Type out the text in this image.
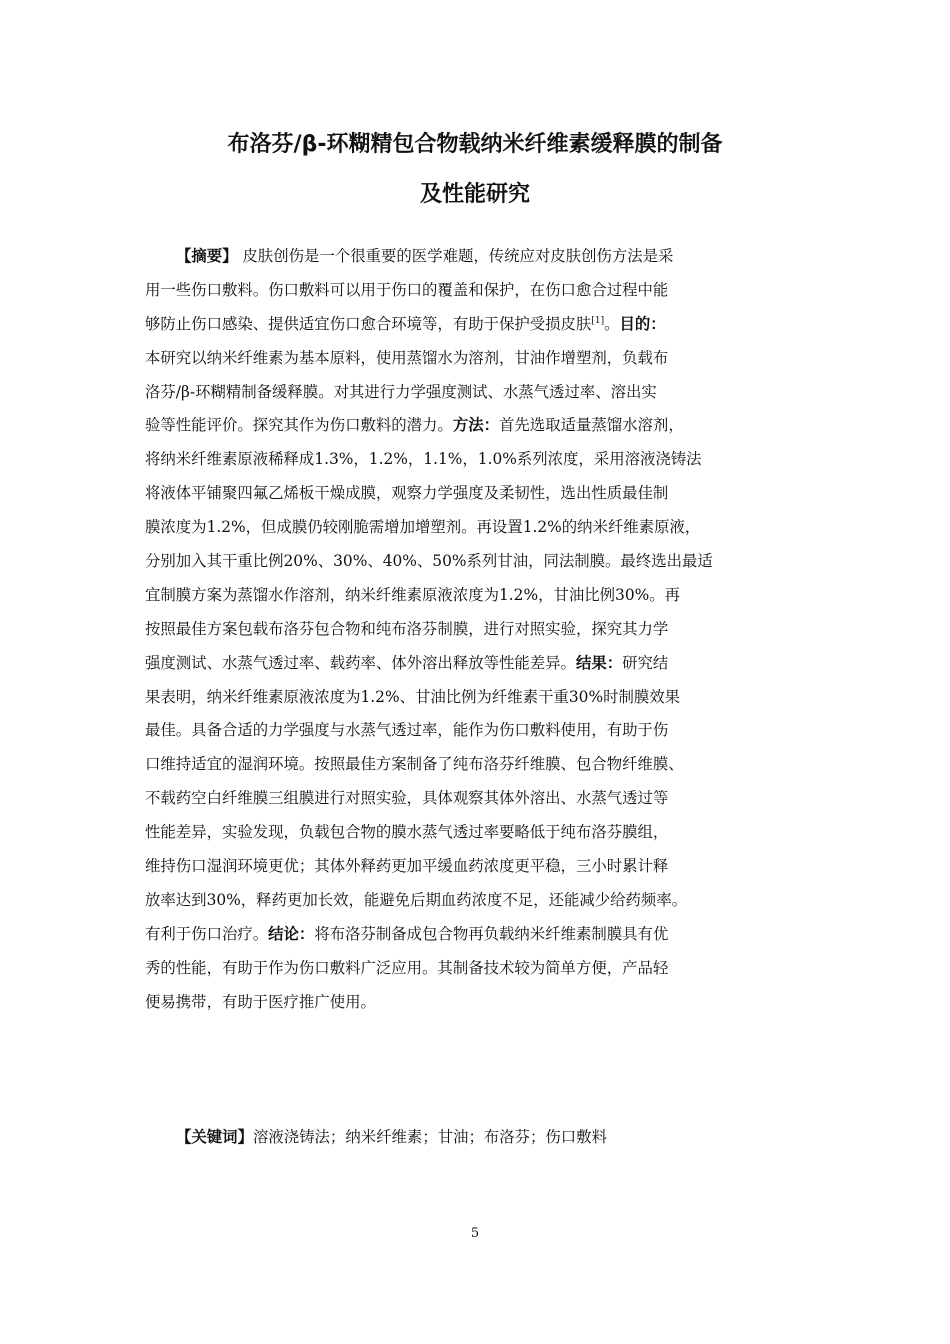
布洛芬/β-环糊精包合物载纳米纤维素缓释膜的制备
及性能研究
【摘要】 皮肤创伤是一个很重要的医学难题，传统应对皮肤创伤方法是采
用一些伤口敷料。伤口敷料可以用于伤口的覆盖和保护，在伤口愈合过程中能
够防止伤口感染、提供适宜伤口愈合环境等，有助于保护受损皮肤[1]。目的：
本研究以纳米纤维素为基本原料，使用蒸馏水为溶剂，甘油作增塑剂，负载布
洛芬/β-环糊精制备缓释膜。对其进行力学强度测试、水蒸气透过率、溶出实
验等性能评价。探究其作为伤口敷料的潜力。方法：首先选取适量蒸馏水溶剂，
将纳米纤维素原液稀释成1.3%，1.2%，1.1%，1.0%系列浓度，采用溶液浇铸法
将液体平铺聚四氟乙烯板干燥成膜，观察力学强度及柔韧性，选出性质最佳制
膜浓度为1.2%，但成膜仍较刚脆需增加增塑剂。再设置1.2%的纳米纤维素原液，
分别加入其干重比例20%、30%、40%、50%系列甘油，同法制膜。最终选出最适
宜制膜方案为蒸馏水作溶剂，纳米纤维素原液浓度为1.2%，甘油比例30%。再
按照最佳方案包载布洛芬包合物和纯布洛芬制膜，进行对照实验，探究其力学
强度测试、水蒸气透过率、载药率、体外溶出释放等性能差异。结果：研究结
果表明，纳米纤维素原液浓度为1.2%、甘油比例为纤维素干重30%时制膜效果
最佳。具备合适的力学强度与水蒸气透过率，能作为伤口敷料使用，有助于伤
口维持适宜的湿润环境。按照最佳方案制备了纯布洛芬纤维膜、包合物纤维膜、
不载药空白纤维膜三组膜进行对照实验，具体观察其体外溶出、水蒸气透过等
性能差异，实验发现，负载包合物的膜水蒸气透过率要略低于纯布洛芬膜组，
维持伤口湿润环境更优；其体外释药更加平缓血药浓度更平稳，三小时累计释
放率达到30%，释药更加长效，能避免后期血药浓度不足，还能减少给药频率。
有利于伤口治疗。结论：将布洛芬制备成包合物再负载纳米纤维素制膜具有优
秀的性能，有助于作为伤口敷料广泛应用。其制备技术较为简单方便，产品轻
便易携带，有助于医疗推广使用。
【关键词】溶液浇铸法；纳米纤维素；甘油；布洛芬；伤口敷料
5
